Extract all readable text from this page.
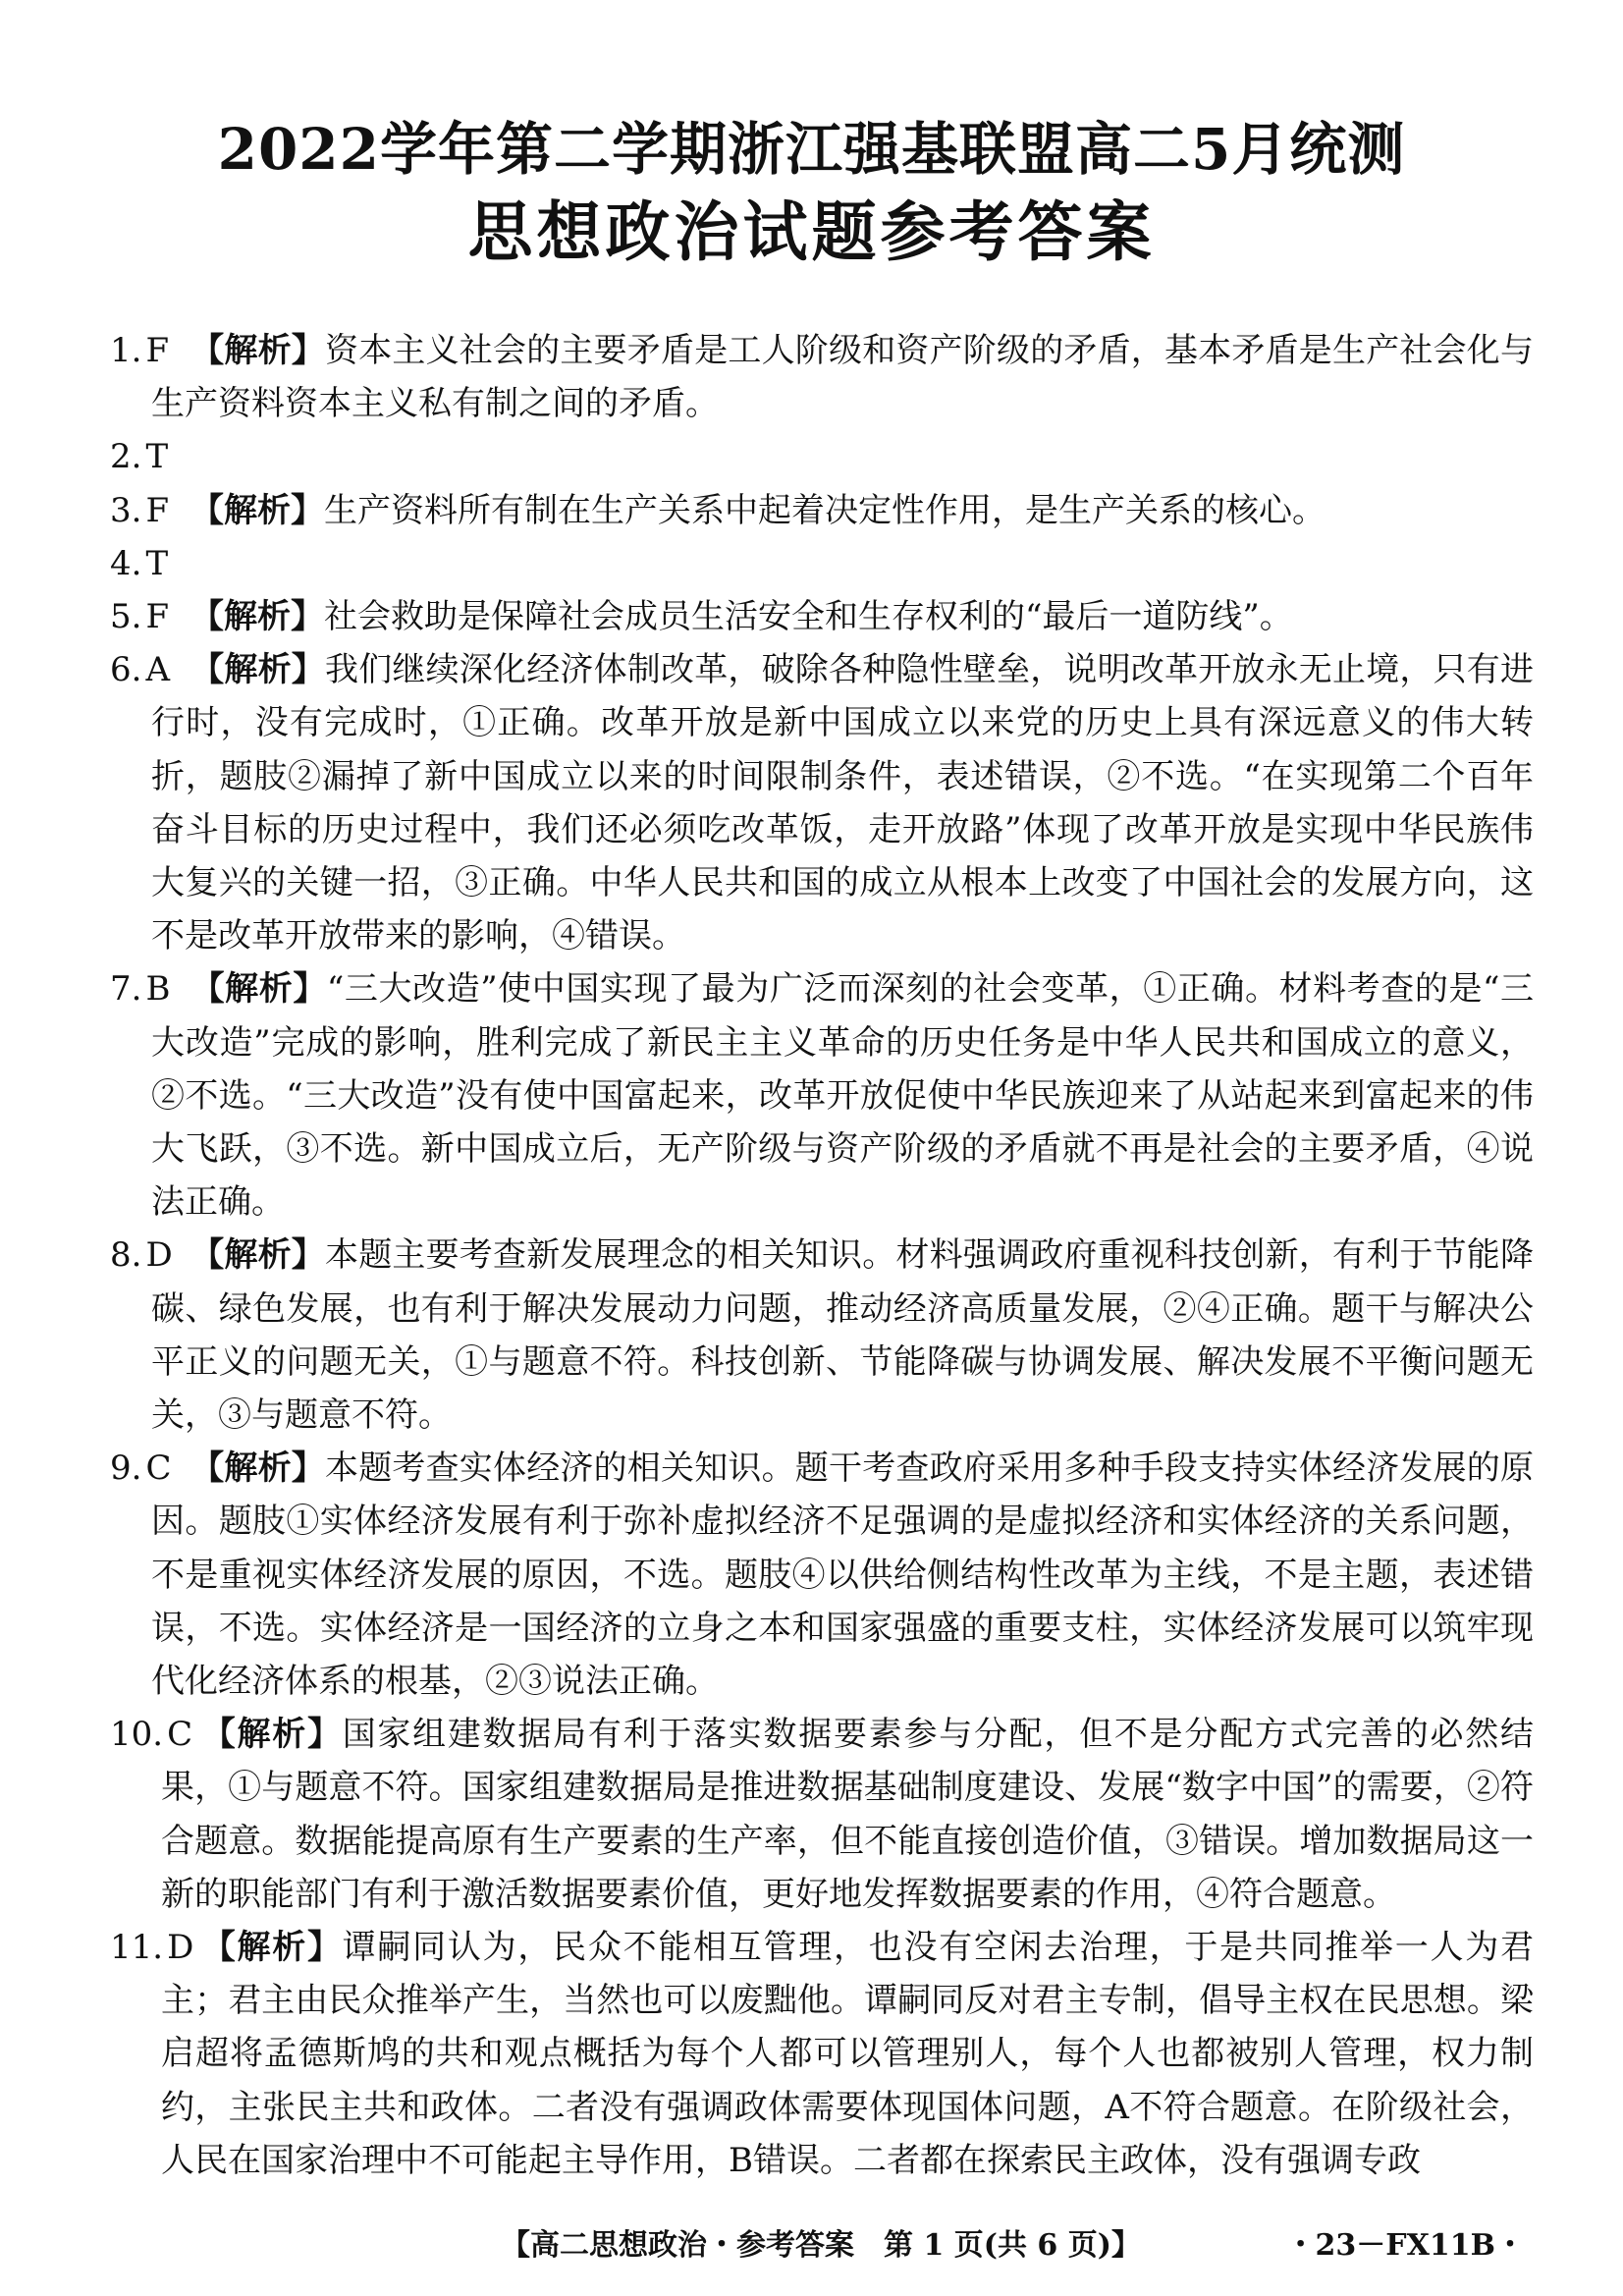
2022学年第二学期浙江强基联盟高二5月统测
思想政治试题参考答案
1. F 【解析】资本主义社会的主要矛盾是工人阶级和资产阶级的矛盾，基本矛盾是生产社会化与生产资料资本主义私有制之间的矛盾。
2. T
3. F 【解析】生产资料所有制在生产关系中起着决定性作用，是生产关系的核心。
4. T
5. F 【解析】社会救助是保障社会成员生活安全和生存权利的“最后一道防线”。
6. A 【解析】我们继续深化经济体制改革，破除各种隐性壁垒，说明改革开放永无止境，只有进行时，没有完成时，①正确。改革开放是新中国成立以来党的历史上具有深远意义的伟大转折，题肢②漏掉了新中国成立以来的时间限制条件，表述错误，②不选。“在实现第二个百年奋斗目标的历史过程中，我们还必须吃改革饭，走开放路”体现了改革开放是实现中华民族伟大复兴的关键一招，③正确。中华人民共和国的成立从根本上改变了中国社会的发展方向，这不是改革开放带来的影响，④错误。
7. B 【解析】“三大改造”使中国实现了最为广泛而深刻的社会变革，①正确。材料考查的是“三大改造”完成的影响，胜利完成了新民主主义革命的历史任务是中华人民共和国成立的意义，②不选。“三大改造”没有使中国富起来，改革开放促使中华民族迎来了从站起来到富起来的伟大飞跃，③不选。新中国成立后，无产阶级与资产阶级的矛盾就不再是社会的主要矛盾，④说法正确。
8. D 【解析】本题主要考查新发展理念的相关知识。材料强调政府重视科技创新，有利于节能降碳、绿色发展，也有利于解决发展动力问题，推动经济高质量发展，②④正确。题干与解决公平正义的问题无关，①与题意不符。科技创新、节能降碳与协调发展、解决发展不平衡问题无关，③与题意不符。
9. C 【解析】本题考查实体经济的相关知识。题干考查政府采用多种手段支持实体经济发展的原因。题肢①实体经济发展有利于弥补虚拟经济不足强调的是虚拟经济和实体经济的关系问题，不是重视实体经济发展的原因，不选。题肢④以供给侧结构性改革为主线，不是主题，表述错误，不选。实体经济是一国经济的立身之本和国家强盛的重要支柱，实体经济发展可以筑牢现代化经济体系的根基，②③说法正确。
10. C 【解析】国家组建数据局有利于落实数据要素参与分配，但不是分配方式完善的必然结果，①与题意不符。国家组建数据局是推进数据基础制度建设、发展“数字中国”的需要，②符合题意。数据能提高原有生产要素的生产率，但不能直接创造价值，③错误。增加数据局这一新的职能部门有利于激活数据要素价值，更好地发挥数据要素的作用，④符合题意。
11. D 【解析】谭嗣同认为，民众不能相互管理，也没有空闲去治理，于是共同推举一人为君主；君主由民众推举产生，当然也可以废黜他。谭嗣同反对君主专制，倡导主权在民思想。梁启超将孟德斯鸠的共和观点概括为每个人都可以管理别人，每个人也都被别人管理，权力制约，主张民主共和政体。二者没有强调政体需要体现国体问题，A不符合题意。在阶级社会，人民在国家治理中不可能起主导作用，B错误。二者都在探索民主政体，没有强调专政
【高二思想政治・参考答案　第 1 页(共 6 页)】	・23－FX11B・
